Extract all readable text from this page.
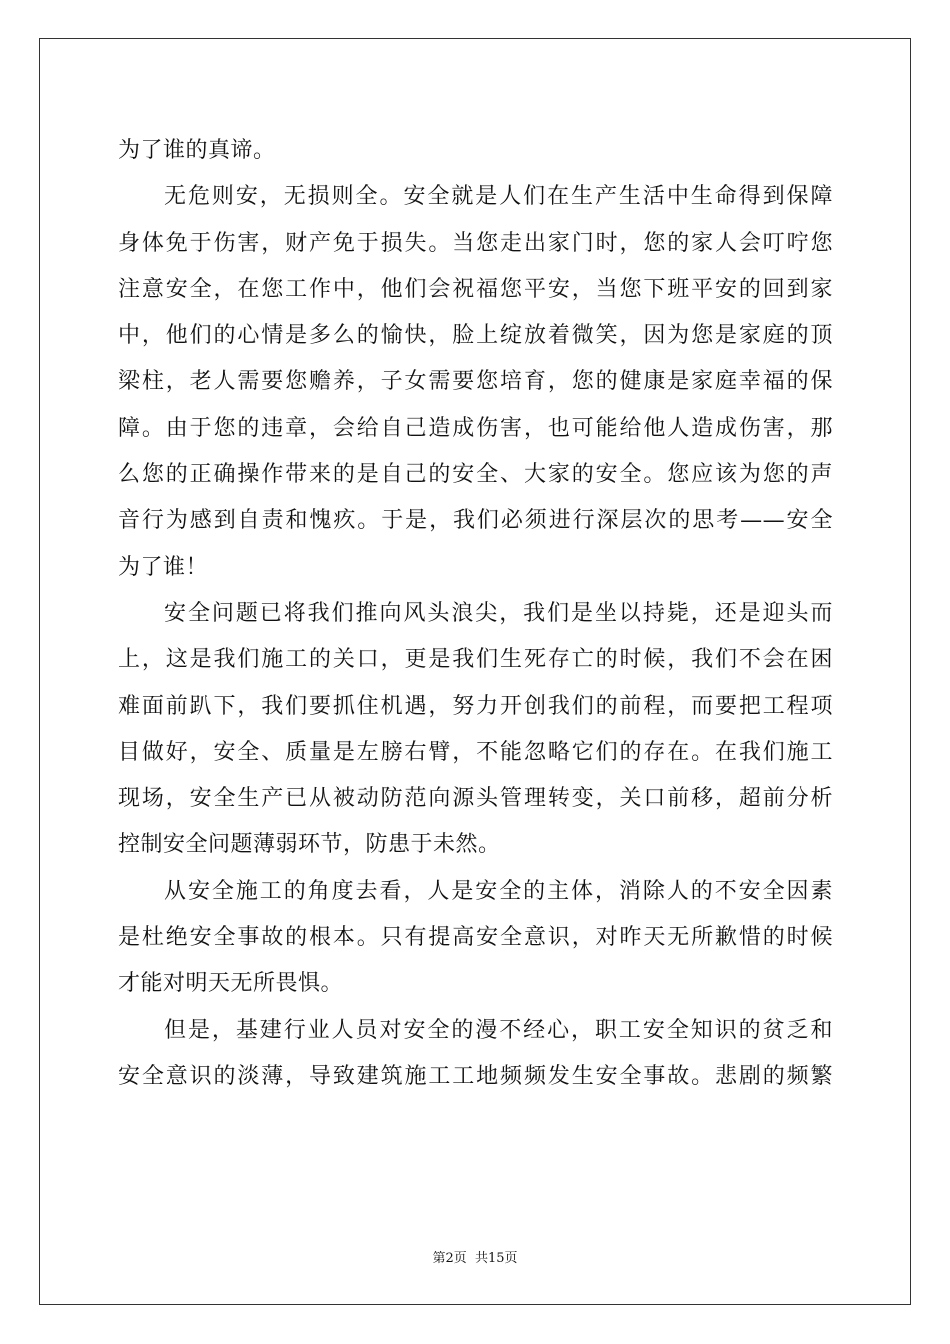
为了谁的真谛。
无危则安，无损则全。安全就是人们在生产生活中生命得到保障
身体免于伤害，财产免于损失。当您走出家门时，您的家人会叮咛您
注意安全，在您工作中，他们会祝福您平安，当您下班平安的回到家
中，他们的心情是多么的愉快，脸上绽放着微笑，因为您是家庭的顶
梁柱，老人需要您赡养，子女需要您培育，您的健康是家庭幸福的保
障。由于您的违章，会给自己造成伤害，也可能给他人造成伤害，那
么您的正确操作带来的是自己的安全、大家的安全。您应该为您的声
音行为感到自责和愧疚。于是，我们必须进行深层次的思考——安全
为了谁！
安全问题已将我们推向风头浪尖，我们是坐以持毙，还是迎头而
上，这是我们施工的关口，更是我们生死存亡的时候，我们不会在困
难面前趴下，我们要抓住机遇，努力开创我们的前程，而要把工程项
目做好，安全、质量是左膀右臂，不能忽略它们的存在。在我们施工
现场，安全生产已从被动防范向源头管理转变，关口前移，超前分析
控制安全问题薄弱环节，防患于未然。
从安全施工的角度去看，人是安全的主体，消除人的不安全因素
是杜绝安全事故的根本。只有提高安全意识，对昨天无所歉惜的时候
才能对明天无所畏惧。
但是，基建行业人员对安全的漫不经心，职工安全知识的贫乏和
安全意识的淡薄，导致建筑施工工地频频发生安全事故。悲剧的频繁
第2页 共15页
